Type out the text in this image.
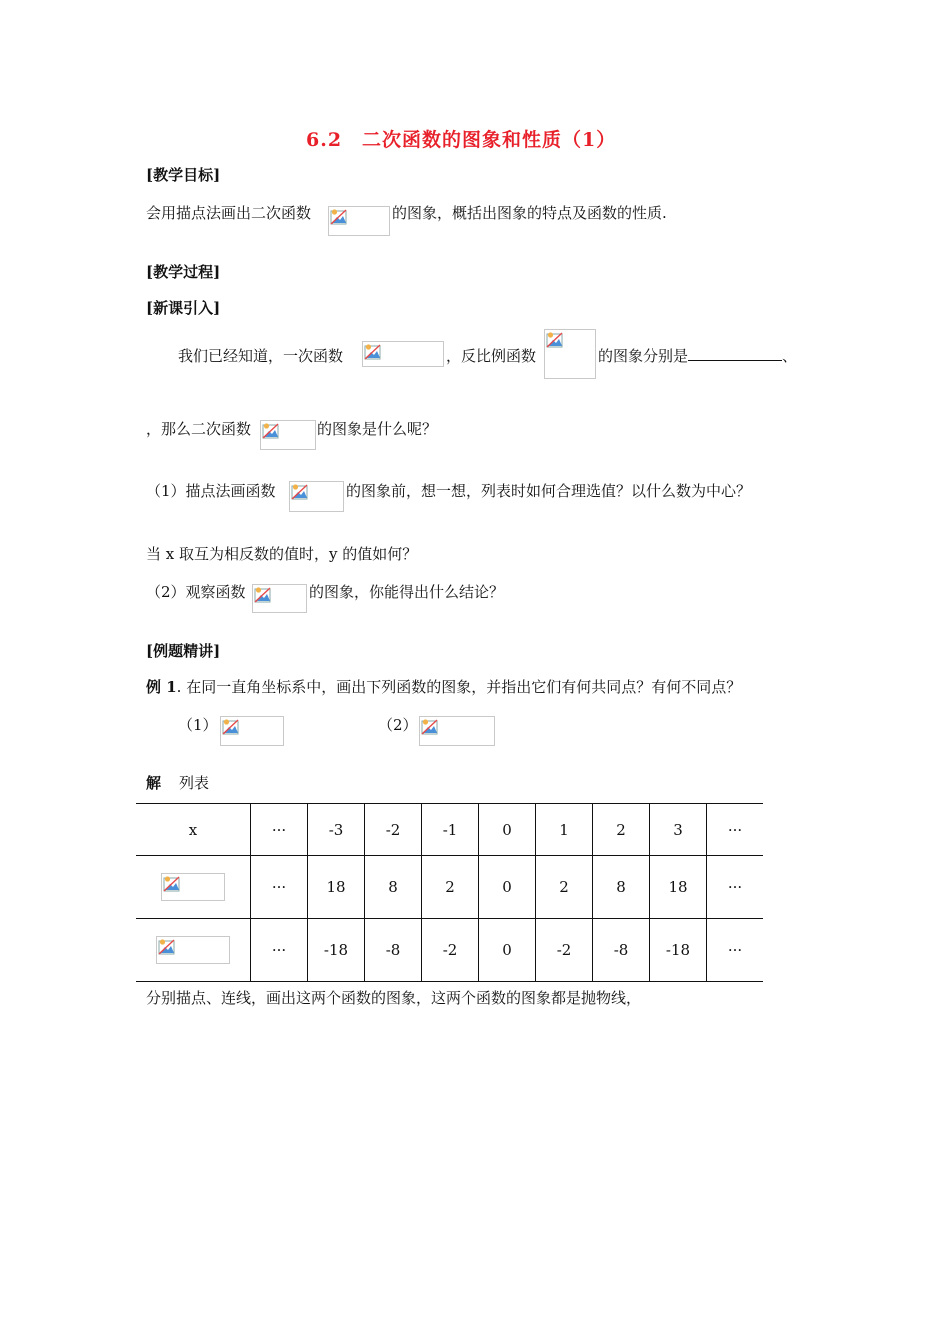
6.2　二次函数的图象和性质（1）
[教学目标]
会用描点法画出二次函数	的图象，概括出图象的特点及函数的性质.
[教学过程]
[新课引入]
我们已经知道，一次函数	，反比例函数	的图象分别是	、
，那么二次函数	的图象是什么呢？
（1）描点法画函数	的图象前，想一想，列表时如何合理选值？以什么数为中心？
当 x 取互为相反数的值时，y 的值如何？
（2）观察函数	的图象，你能得出什么结论？
[例题精讲]
例 1. 在同一直角坐标系中，画出下列函数的图象，并指出它们有何共同点？有何不同点？
（1）	（2）
解 列表
x	···	-3	-2	-1	0	1	2	3	···

	···	18	8	2	0	2	8	18	···

	···	-18	-8	-2	0	-2	-8	-18	···
分别描点、连线，画出这两个函数的图象，这两个函数的图象都是抛物线，
